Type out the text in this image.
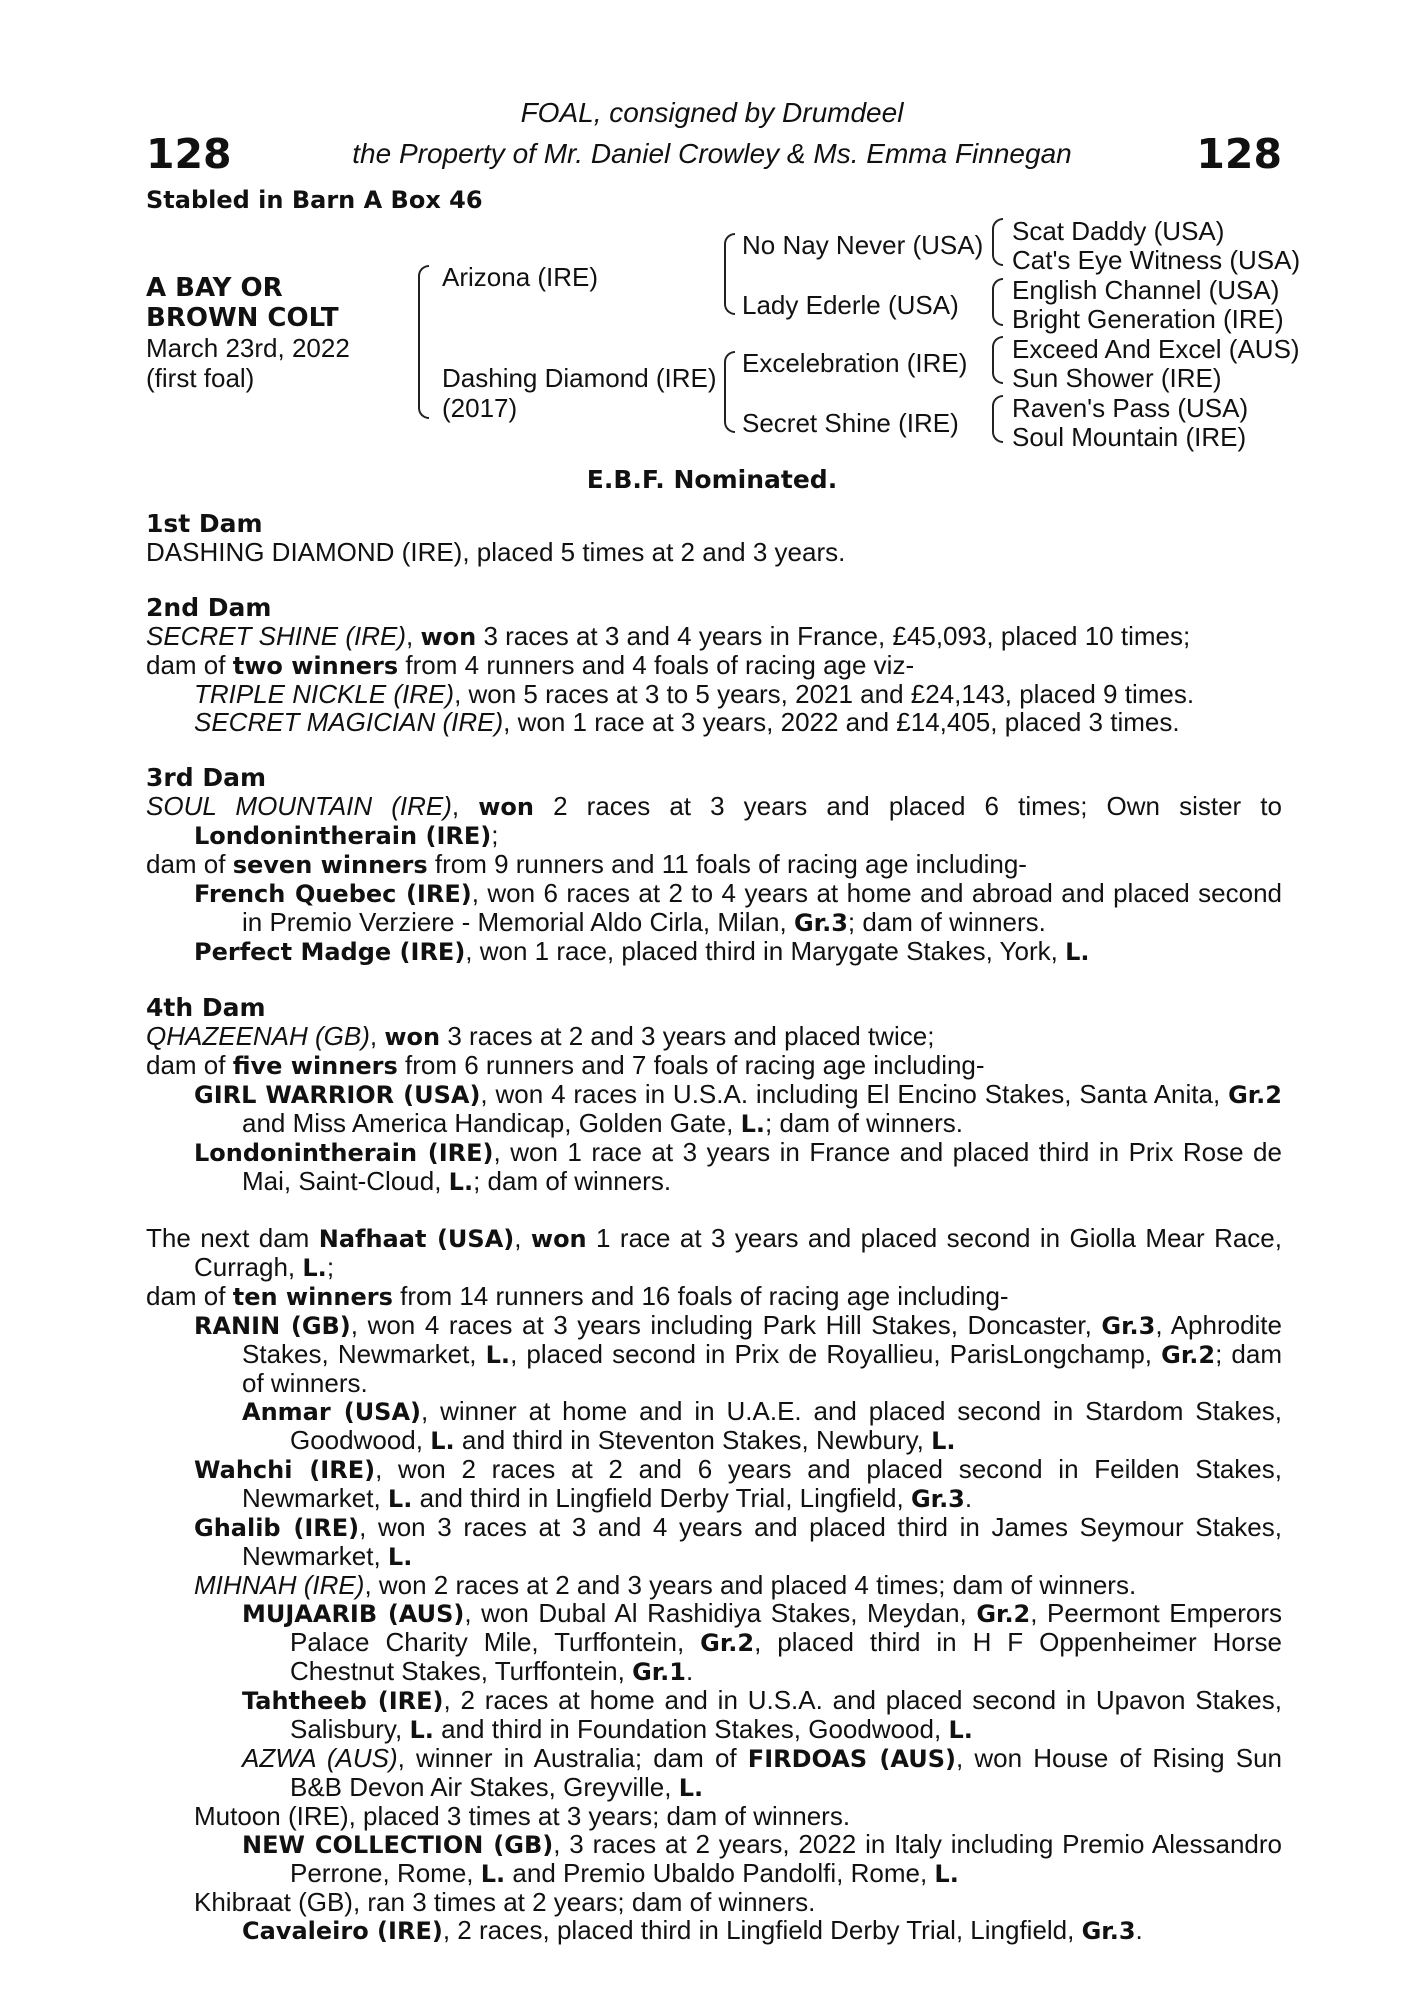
128	128
FOAL, consigned by Drumdeel
the Property of Mr. Daniel Crowley & Ms. Emma Finnegan
Stabled in Barn A Box 46
A BAY OR
BROWN COLT
March 23rd, 2022
(first foal)
Arizona (IRE)
Dashing Diamond (IRE)
(2017)
No Nay Never (USA)
Lady Ederle (USA)
Excelebration (IRE)
Secret Shine (IRE)
Scat Daddy (USA)
Cat's Eye Witness (USA)
English Channel (USA)
Bright Generation (IRE)
Exceed And Excel (AUS)
Sun Shower (IRE)
Raven's Pass (USA)
Soul Mountain (IRE)
E.B.F. Nominated.
1st Dam
DASHING DIAMOND (IRE), placed 5 times at 2 and 3 years.
2nd Dam
SECRET SHINE (IRE), won 3 races at 3 and 4 years in France, £45,093, placed 10 times;
dam of two winners from 4 runners and 4 foals of racing age viz-
TRIPLE NICKLE (IRE), won 5 races at 3 to 5 years, 2021 and £24,143, placed 9 times.
SECRET MAGICIAN (IRE), won 1 race at 3 years, 2022 and £14,405, placed 3 times.
3rd Dam
SOUL MOUNTAIN (IRE), won 2 races at 3 years and placed 6 times; Own sister to Londonintherain (IRE);
dam of seven winners from 9 runners and 11 foals of racing age including-
French Quebec (IRE), won 6 races at 2 to 4 years at home and abroad and placed second in Premio Verziere - Memorial Aldo Cirla, Milan, Gr.3; dam of winners.
Perfect Madge (IRE), won 1 race, placed third in Marygate Stakes, York, L.
4th Dam
QHAZEENAH (GB), won 3 races at 2 and 3 years and placed twice;
dam of five winners from 6 runners and 7 foals of racing age including-
GIRL WARRIOR (USA), won 4 races in U.S.A. including El Encino Stakes, Santa Anita, Gr.2 and Miss America Handicap, Golden Gate, L.; dam of winners.
Londonintherain (IRE), won 1 race at 3 years in France and placed third in Prix Rose de Mai, Saint-Cloud, L.; dam of winners.
The next dam Nafhaat (USA), won 1 race at 3 years and placed second in Giolla Mear Race, Curragh, L.;
dam of ten winners from 14 runners and 16 foals of racing age including-
RANIN (GB), won 4 races at 3 years including Park Hill Stakes, Doncaster, Gr.3, Aphrodite Stakes, Newmarket, L., placed second in Prix de Royallieu, ParisLongchamp, Gr.2; dam of winners.
Anmar (USA), winner at home and in U.A.E. and placed second in Stardom Stakes, Goodwood, L. and third in Steventon Stakes, Newbury, L.
Wahchi (IRE), won 2 races at 2 and 6 years and placed second in Feilden Stakes, Newmarket, L. and third in Lingfield Derby Trial, Lingfield, Gr.3.
Ghalib (IRE), won 3 races at 3 and 4 years and placed third in James Seymour Stakes, Newmarket, L.
MIHNAH (IRE), won 2 races at 2 and 3 years and placed 4 times; dam of winners.
MUJAARIB (AUS), won Dubal Al Rashidiya Stakes, Meydan, Gr.2, Peermont Emperors Palace Charity Mile, Turffontein, Gr.2, placed third in H F Oppenheimer Horse Chestnut Stakes, Turffontein, Gr.1.
Tahtheeb (IRE), 2 races at home and in U.S.A. and placed second in Upavon Stakes, Salisbury, L. and third in Foundation Stakes, Goodwood, L.
AZWA (AUS), winner in Australia; dam of FIRDOAS (AUS), won House of Rising Sun B&B Devon Air Stakes, Greyville, L.
Mutoon (IRE), placed 3 times at 3 years; dam of winners.
NEW COLLECTION (GB), 3 races at 2 years, 2022 in Italy including Premio Alessandro Perrone, Rome, L. and Premio Ubaldo Pandolfi, Rome, L.
Khibraat (GB), ran 3 times at 2 years; dam of winners.
Cavaleiro (IRE), 2 races, placed third in Lingfield Derby Trial, Lingfield, Gr.3.
